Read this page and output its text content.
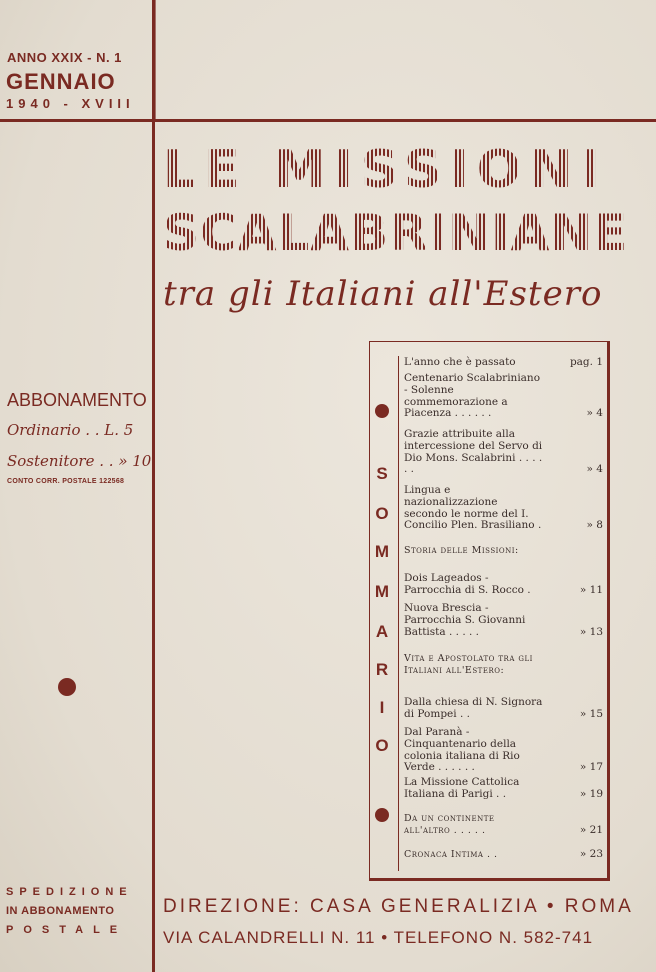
ANNO XXIX - N. 1
GENNAIO
1940 - XVIII
LE MISSIONI
SCALABRINIANE
tra gli Italiani all'Estero
ABBONAMENTO
Ordinario . . L. 5
Sostenitore . . » 10
CONTO CORR. POSTALE 122568	S
O
M
M
A
R
I
O
L'anno che è passato	pag. 1
Centenario Scalabriniano - Solenne commemorazione a Piacenza . . . . . .	» 4
Grazie attribuite alla intercessione del Servo di Dio Mons. Scalabrini . . . . . .	» 4
Lingua e nazionalizzazione secondo le norme del I. Concilio Plen. Brasiliano .	» 8
Storia delle Missioni:
Dois Lageados - Parrocchia di S. Rocco .	» 11
Nuova Brescia - Parrocchia S. Giovanni Battista . . . . .	» 13
Vita e Apostolato tra gli Italiani all'Estero:
Dalla chiesa di N. Signora di Pompei . .	» 15
Dal Paranà - Cinquantenario della colonia italiana di Rio Verde . . . . . .	» 17
La Missione Cattolica Italiana di Parigi . .	» 19
Da un continente all'altro . . . . .	» 21
Cronaca Intima . .	» 23
SPEDIZIONE
IN ABBONAMENTO
POSTALE
DIREZIONE: CASA GENERALIZIA • ROMA
VIA CALANDRELLI N. 11 • TELEFONO N. 582-741
